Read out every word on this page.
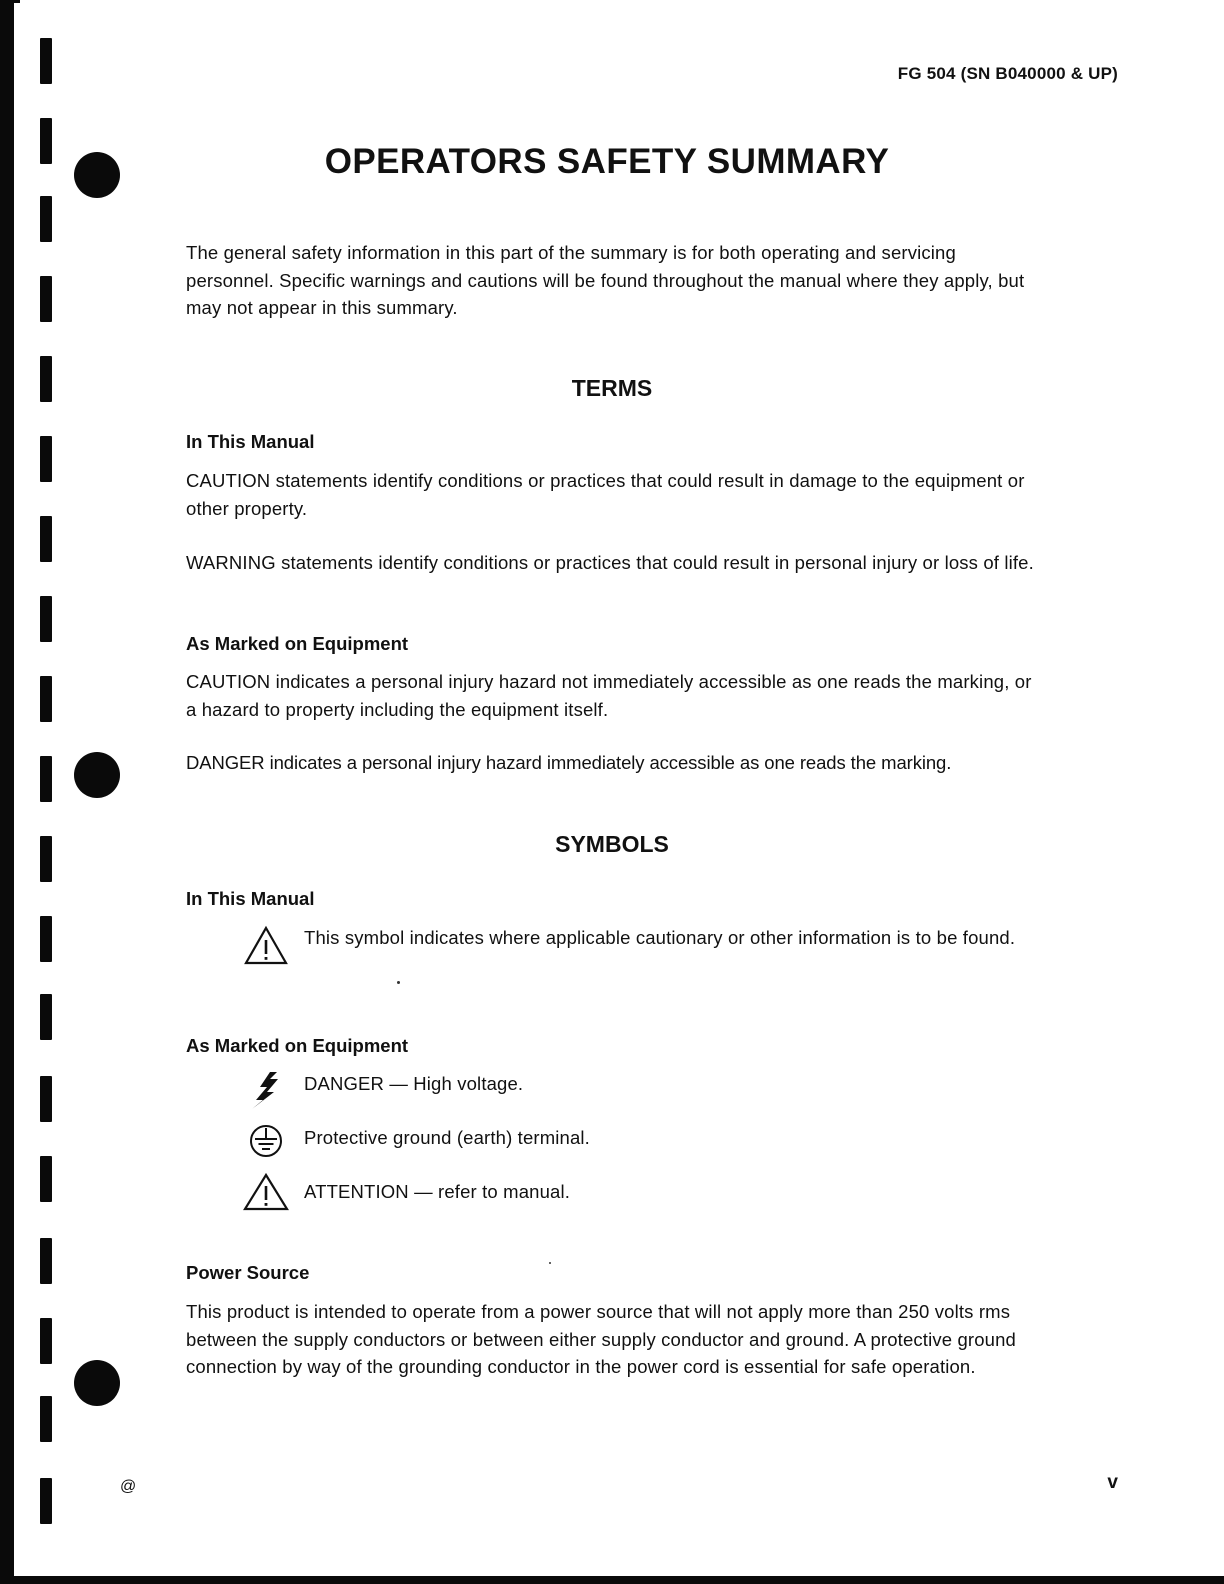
FG 504 (SN B040000 & UP)
OPERATORS SAFETY SUMMARY
The general safety information in this part of the summary is for both operating and servicing personnel. Specific warnings and cautions will be found throughout the manual where they apply, but may not appear in this summary.
TERMS
In This Manual
CAUTION statements identify conditions or practices that could result in damage to the equipment or other property.
WARNING statements identify conditions or practices that could result in personal injury or loss of life.
As Marked on Equipment
CAUTION indicates a personal injury hazard not immediately accessible as one reads the marking, or a hazard to property including the equipment itself.
DANGER indicates a personal injury hazard immediately accessible as one reads the marking.
SYMBOLS
In This Manual
This symbol indicates where applicable cautionary or other information is to be found.
As Marked on Equipment
DANGER — High voltage.
Protective ground (earth) terminal.
ATTENTION — refer to manual.
Power Source
This product is intended to operate from a power source that will not apply more than 250 volts rms between the supply conductors or between either supply conductor and ground. A protective ground connection by way of the grounding conductor in the power cord is essential for safe operation.
@	v
